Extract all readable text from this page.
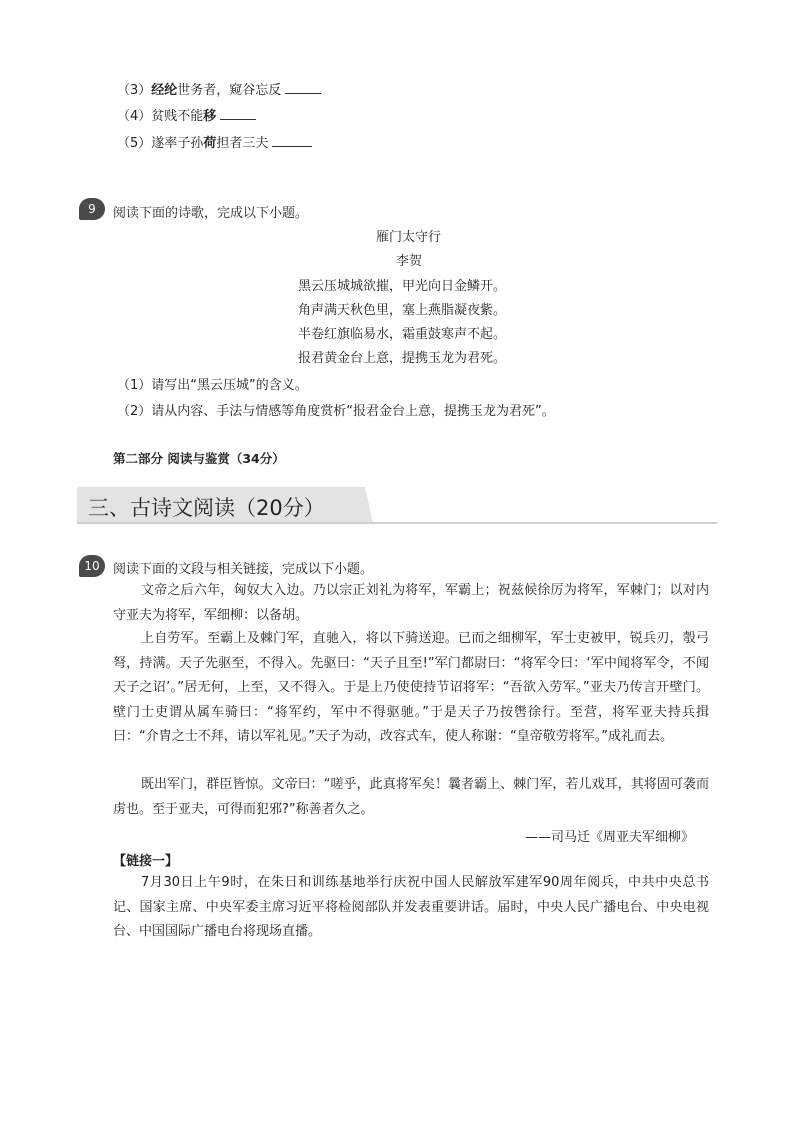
（3）经纶世务者，窥谷忘反
（4）贫贱不能移
（5）遂率子孙荷担者三夫
9	阅读下面的诗歌，完成以下小题。
雁门太守行
李贺
黑云压城城欲摧，甲光向日金鳞开。
角声满天秋色里，塞上燕脂凝夜紫。
半卷红旗临易水，霜重鼓寒声不起。
报君黄金台上意，提携玉龙为君死。
（1）请写出“黑云压城”的含义。
（2）请从内容、手法与情感等角度赏析“报君金台上意，提携玉龙为君死”。
第二部分 阅读与鉴赏（34分）
三、古诗文阅读（20分）
10	阅读下面的文段与相关链接，完成以下小题。
文帝之后六年，匈奴大入边。乃以宗正刘礼为将军，军霸上；祝兹候徐厉为将军，军棘门；以对内守亚夫为将军，军细柳：以备胡。
上自劳军。至霸上及棘门军，直驰入，将以下骑送迎。已而之细柳军，军士吏被甲，锐兵刃，彀弓弩，持满。天子先驱至，不得入。先驱曰：“天子且至!”军门都尉曰：“将军令曰：‘军中闻将军令，不闻天子之诏’。”居无何，上至，又不得入。于是上乃使使持节诏将军：“吾欲入劳军。”亚夫乃传言开壁门。壁门士吏谓从属车骑曰：“将军约，军中不得驱驰。”于是天子乃按辔徐行。至营，将军亚夫持兵揖曰：“介胄之士不拜，请以军礼见。”天子为动，改容式车，使人称谢：“皇帝敬劳将军。”成礼而去。
既出军门，群臣皆惊。文帝曰：“嗟乎，此真将军矣！曩者霸上、棘门军，若儿戏耳，其将固可袭而虏也。至于亚夫，可得而犯邪?”称善者久之。
——司马迁《周亚夫军细柳》
【链接一】
7月30日上午9时，在朱日和训练基地举行庆祝中国人民解放军建军90周年阅兵，中共中央总书记、国家主席、中央军委主席习近平将检阅部队并发表重要讲话。届时，中央人民广播电台、中央电视台、中国国际广播电台将现场直播。
